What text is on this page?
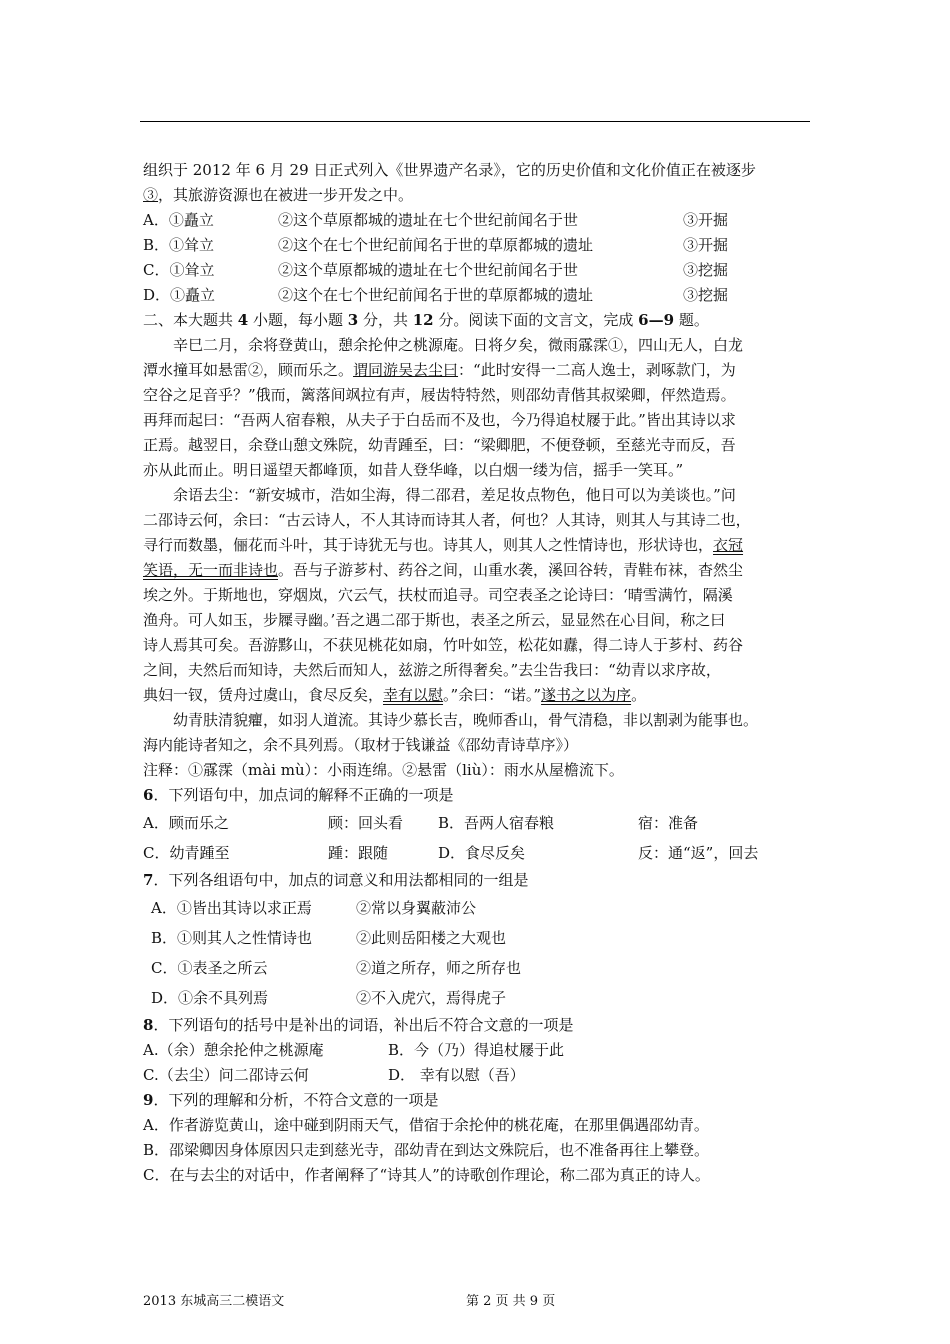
组织于 2012 年 6 月 29 日正式列入《世界遗产名录》，它的历史价值和文化价值正在被逐步
③，其旅游资源也在被进一步开发之中。
A．①矗立	②这个草原都城的遗址在七个世纪前闻名于世	③开掘
B．①耸立	②这个在七个世纪前闻名于世的草原都城的遗址	③开掘
C．①耸立	②这个草原都城的遗址在七个世纪前闻名于世	③挖掘
D．①矗立	②这个在七个世纪前闻名于世的草原都城的遗址	③挖掘
二、本大题共 4 小题，每小题 3 分，共 12 分。阅读下面的文言文，完成 6—9 题。
辛巳二月，余将登黄山，憩余抡仲之桃源庵。日将夕矣，微雨霡霂①，四山无人，白龙
潭水撞耳如悬雷②，顾而乐之。谓同游吴去尘曰：“此时安得一二高人逸士，剥啄款门，为
空谷之足音乎？”俄而，篱落间飒拉有声，屐齿特特然，则邵幼青偕其叔梁卿，伻然造焉。
再拜而起曰：“吾两人宿春粮，从夫子于白岳而不及也，今乃得追杖屦于此。”皆出其诗以求
正焉。越翌日，余登山憩文殊院，幼青踵至，曰：“梁卿肥，不便登顿，至慈光寺而反，吾
亦从此而止。明日遥望天都峰顶，如昔人登华峰，以白烟一缕为信，摇手一笑耳。”
余语去尘：“新安城市，浩如尘海，得二邵君，差足妆点物色，他日可以为美谈也。”问
二邵诗云何，余曰：“古云诗人，不人其诗而诗其人者，何也？人其诗，则其人与其诗二也，
寻行而数墨，俪花而斗叶，其于诗犹无与也。诗其人，则其人之性情诗也，形状诗也，衣冠
笑语，无一而非诗也。吾与子游芗村、药谷之间，山重水袭，溪回谷转，青鞋布袜，杳然尘
埃之外。于斯地也，穿烟岚，穴云气，扶杖而追寻。司空表圣之论诗曰：‘晴雪满竹，隔溪
渔舟。可人如玉，步屧寻幽。’吾之遇二邵于斯也，表圣之所云，显显然在心目间，称之曰
诗人焉其可矣。吾游黟山，不获见桃花如扇，竹叶如笠，松花如纛，得二诗人于芗村、药谷
之间，夫然后而知诗，夫然后而知人，兹游之所得奢矣。”去尘告我曰：“幼青以求序故，
典妇一钗，赁舟过虞山，食尽反矣，幸有以慰。”余曰：“诺。”遂书之以为序。
幼青肤清貌癯，如羽人道流。其诗少慕长吉，晚师香山，骨气清稳，非以割剥为能事也。
海内能诗者知之，余不具列焉。（取材于钱谦益《邵幼青诗草序》）
注释：①霡霂（mài mù）：小雨连绵。②悬雷（liù）：雨水从屋檐流下。
6．下列语句中，加点词的解释不正确的一项是
A．顾而乐之	顾：回头看	B．吾两人宿春粮	宿：准备
C．幼青踵至	踵：跟随	D．食尽反矣	反：通“返”，回去
7．下列各组语句中，加点的词意义和用法都相同的一组是
A．①皆出其诗以求正焉	②常以身翼蔽沛公
B．①则其人之性情诗也	②此则岳阳楼之大观也
C．①表圣之所云	②道之所存，师之所存也
D．①余不具列焉	②不入虎穴，焉得虎子
8．下列语句的括号中是补出的词语，补出后不符合文意的一项是
A.（余）憩余抡仲之桃源庵	B．今（乃）得追杖屦于此
C.（去尘）问二邵诗云何	D． 幸有以慰（吾）
9．下列的理解和分析，不符合文意的一项是
A．作者游览黄山，途中碰到阴雨天气，借宿于余抡仲的桃花庵，在那里偶遇邵幼青。
B．邵梁卿因身体原因只走到慈光寺，邵幼青在到达文殊院后，也不准备再往上攀登。
C．在与去尘的对话中，作者阐释了“诗其人”的诗歌创作理论，称二邵为真正的诗人。
2013 东城高三二模语文	第 2 页 共 9 页
